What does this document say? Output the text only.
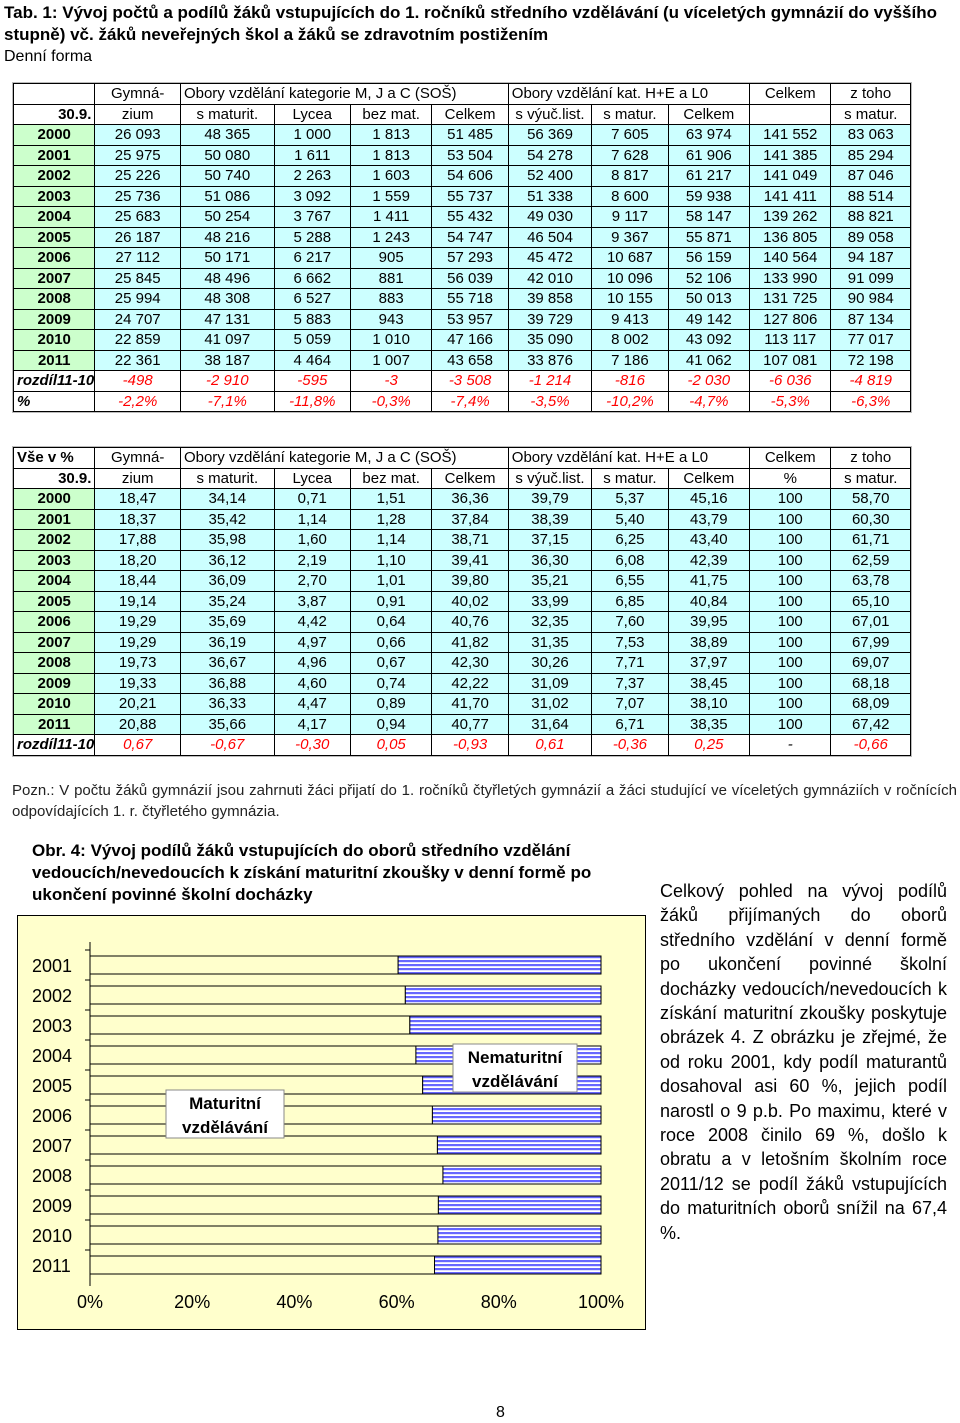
Tab. 1: Vývoj počtů a podílů žáků vstupujících do 1. ročníků středního vzdělávání (u víceletých gymnázií do vyššího stupně) vč. žáků neveřejných škol a žáků se zdravotním postižením
Denní forma
	Gymná-	Obory vzdělání kategorie M, J a C (SOŠ)				Obory vzdělání kat. H+E a L0			Celkem	z toho
30.9.	zium	s maturit.	Lycea	bez mat.	Celkem	s výuč.list.	s matur.	Celkem		s matur.
2000	26 093	48 365	1 000	1 813	51 485	56 369	7 605	63 974	141 552	83 063
2001	25 975	50 080	1 611	1 813	53 504	54 278	7 628	61 906	141 385	85 294
2002	25 226	50 740	2 263	1 603	54 606	52 400	8 817	61 217	141 049	87 046
2003	25 736	51 086	3 092	1 559	55 737	51 338	8 600	59 938	141 411	88 514
2004	25 683	50 254	3 767	1 411	55 432	49 030	9 117	58 147	139 262	88 821
2005	26 187	48 216	5 288	1 243	54 747	46 504	9 367	55 871	136 805	89 058
2006	27 112	50 171	6 217	905	57 293	45 472	10 687	56 159	140 564	94 187
2007	25 845	48 496	6 662	881	56 039	42 010	10 096	52 106	133 990	91 099
2008	25 994	48 308	6 527	883	55 718	39 858	10 155	50 013	131 725	90 984
2009	24 707	47 131	5 883	943	53 957	39 729	9 413	49 142	127 806	87 134
2010	22 859	41 097	5 059	1 010	47 166	35 090	8 002	43 092	113 117	77 017
2011	22 361	38 187	4 464	1 007	43 658	33 876	7 186	41 062	107 081	72 198
rozdíl11-10	-498	-2 910	-595	-3	-3 508	-1 214	-816	-2 030	-6 036	-4 819
%	-2,2%	-7,1%	-11,8%	-0,3%	-7,4%	-3,5%	-10,2%	-4,7%	-5,3%	-6,3%
Vše v %	Gymná-	Obory vzdělání kategorie M, J a C (SOŠ)				Obory vzdělání kat. H+E a L0			Celkem	z toho
30.9.	zium	s maturit.	Lycea	bez mat.	Celkem	s výuč.list.	s matur.	Celkem	%	s matur.
2000	18,47	34,14	0,71	1,51	36,36	39,79	5,37	45,16	100	58,70
2001	18,37	35,42	1,14	1,28	37,84	38,39	5,40	43,79	100	60,30
2002	17,88	35,98	1,60	1,14	38,71	37,15	6,25	43,40	100	61,71
2003	18,20	36,12	2,19	1,10	39,41	36,30	6,08	42,39	100	62,59
2004	18,44	36,09	2,70	1,01	39,80	35,21	6,55	41,75	100	63,78
2005	19,14	35,24	3,87	0,91	40,02	33,99	6,85	40,84	100	65,10
2006	19,29	35,69	4,42	0,64	40,76	32,35	7,60	39,95	100	67,01
2007	19,29	36,19	4,97	0,66	41,82	31,35	7,53	38,89	100	67,99
2008	19,73	36,67	4,96	0,67	42,30	30,26	7,71	37,97	100	69,07
2009	19,33	36,88	4,60	0,74	42,22	31,09	7,37	38,45	100	68,18
2010	20,21	36,33	4,47	0,89	41,70	31,02	7,07	38,10	100	68,09
2011	20,88	35,66	4,17	0,94	40,77	31,64	6,71	38,35	100	67,42
rozdíl11-10	0,67	-0,67	-0,30	0,05	-0,93	0,61	-0,36	0,25	-	-0,66
Pozn.: V počtu žáků gymnázií jsou zahrnuti žáci přijatí do 1. ročníků čtyřletých gymnázií a žáci studující ve víceletých gymnáziích v ročnících odpovídajících 1. r. čtyřletého gymnázia.
Obr. 4: Vývoj podílů žáků vstupujících do oborů středního vzdělání vedoucích/nevedoucích k získání maturitní zkoušky v denní formě po ukončení povinné školní docházky
2001
2002
2003
2004
2005
2006
2007
2008
2009
2010
2011
0%	20%	40%	60%	80%	100%
Maturitní
vzdělávání
Nematuritní
vzdělávání
Celkový pohled na vývoj podílů žáků přijímaných do oborů středního vzdělání v denní formě po ukončení povinné školní docházky vedoucích/nevedoucích k získání maturitní zkoušky poskytuje obrázek 4. Z obrázku je zřejmé, že od roku 2001, kdy podíl maturantů dosahoval asi 60 %, jejich podíl narostl o 9 p.b. Po maximu, které v roce 2008 činilo 69 %, došlo k obratu a v letošním školním roce 2011/12 se podíl žáků vstupujících do maturitních oborů snížil na 67,4 %.
8
